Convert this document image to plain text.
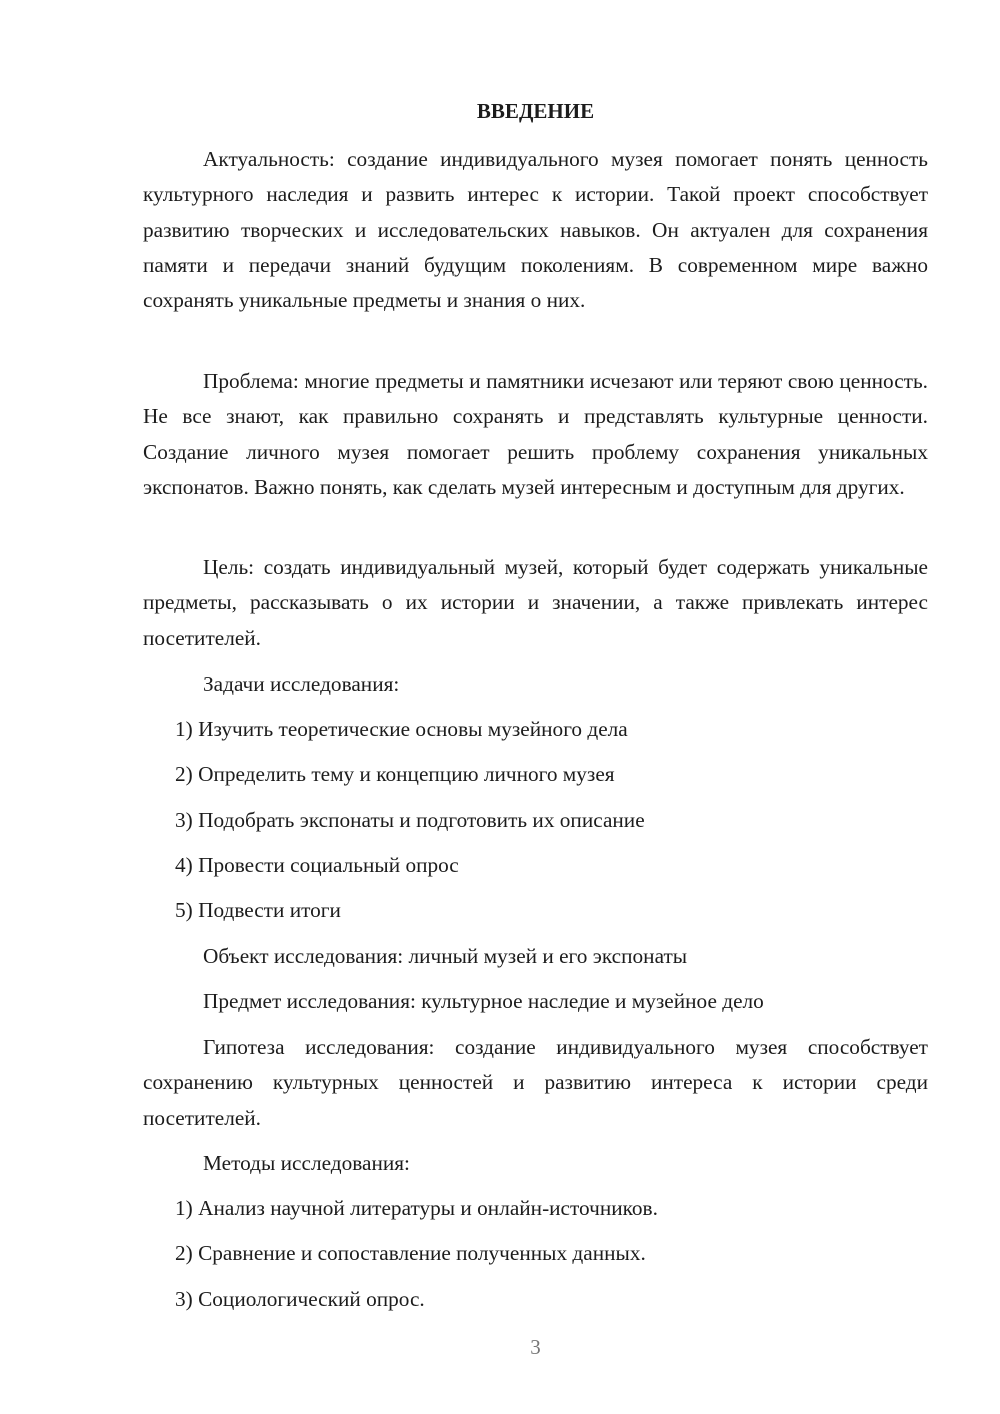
ВВЕДЕНИЕ
Актуальность: создание индивидуального музея помогает понять ценность культурного наследия и развить интерес к истории. Такой проект способствует развитию творческих и исследовательских навыков. Он актуален для сохранения памяти и передачи знаний будущим поколениям. В современном мире важно сохранять уникальные предметы и знания о них.
Проблема: многие предметы и памятники исчезают или теряют свою ценность. Не все знают, как правильно сохранять и представлять культурные ценности. Создание личного музея помогает решить проблему сохранения уникальных экспонатов. Важно понять, как сделать музей интересным и доступным для других.
Цель: создать индивидуальный музей, который будет содержать уникальные предметы, рассказывать о их истории и значении, а также привлекать интерес посетителей.
Задачи исследования:
1) Изучить теоретические основы музейного дела
2) Определить тему и концепцию личного музея
3) Подобрать экспонаты и подготовить их описание
4) Провести социальный опрос
5) Подвести итоги
Объект исследования: личный музей и его экспонаты
Предмет исследования: культурное наследие и музейное дело
Гипотеза исследования: создание индивидуального музея способствует сохранению культурных ценностей и развитию интереса к истории среди посетителей.
Методы исследования:
1) Анализ научной литературы и онлайн-источников.
2) Сравнение и сопоставление полученных данных.
3) Социологический опрос.
3
